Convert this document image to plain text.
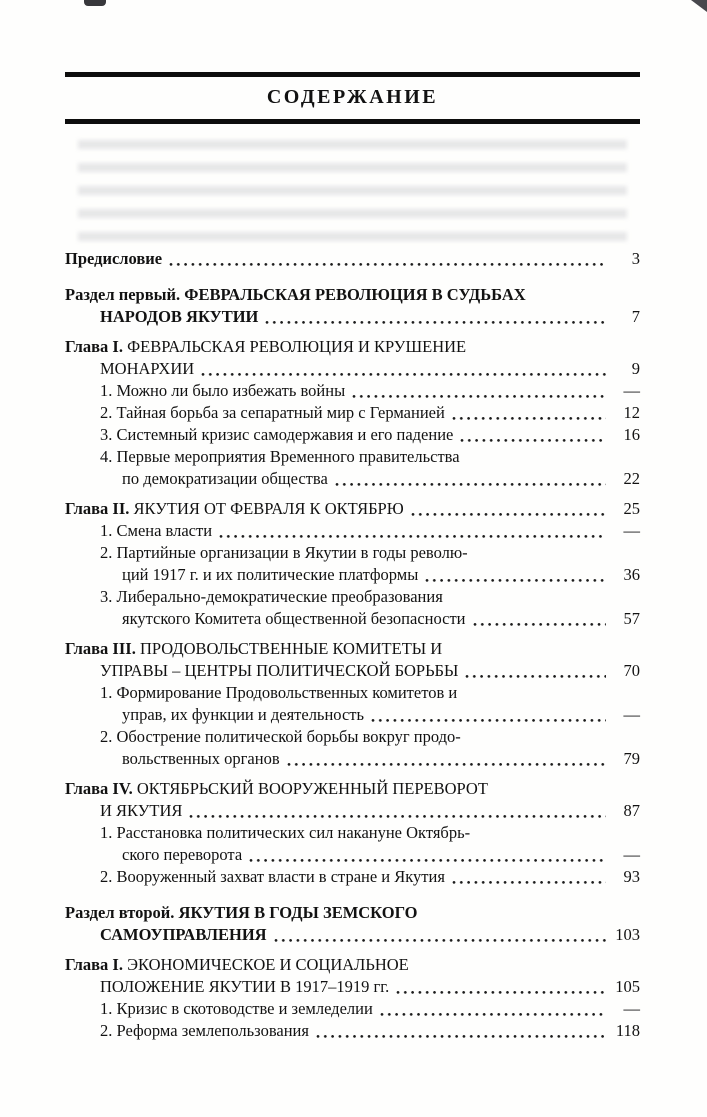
СОДЕРЖАНИЕ
Предисловие	3
Раздел первый. ФЕВРАЛЬСКАЯ РЕВОЛЮЦИЯ В СУДЬБАХ
НАРОДОВ ЯКУТИИ	7
Глава I. ФЕВРАЛЬСКАЯ РЕВОЛЮЦИЯ И КРУШЕНИЕ
МОНАРХИИ	9
1. Можно ли было избежать войны	—
2. Тайная борьба за сепаратный мир с Германией	12
3. Системный кризис самодержавия и его падение	16
4. Первые мероприятия Временного правительства
по демократизации общества	22
Глава II. ЯКУТИЯ ОТ ФЕВРАЛЯ К ОКТЯБРЮ	25
1. Смена власти	—
2. Партийные организации в Якутии в годы револю-
ций 1917 г. и их политические платформы	36
3. Либерально-демократические преобразования
якутского Комитета общественной безопасности	57
Глава III. ПРОДОВОЛЬСТВЕННЫЕ КОМИТЕТЫ И
УПРАВЫ – ЦЕНТРЫ ПОЛИТИЧЕСКОЙ БОРЬБЫ	70
1. Формирование Продовольственных комитетов и
управ, их функции и деятельность	—
2. Обострение политической борьбы вокруг продо-
вольственных органов	79
Глава IV. ОКТЯБРЬСКИЙ ВООРУЖЕННЫЙ ПЕРЕВОРОТ
И ЯКУТИЯ	87
1. Расстановка политических сил накануне Октябрь-
ского переворота	—
2. Вооруженный захват власти в стране и Якутия	93
Раздел второй. ЯКУТИЯ В ГОДЫ ЗЕМСКОГО
САМОУПРАВЛЕНИЯ	103
Глава I. ЭКОНОМИЧЕСКОЕ И СОЦИАЛЬНОЕ
ПОЛОЖЕНИЕ ЯКУТИИ В 1917–1919 гг.	105
1. Кризис в скотоводстве и земледелии	—
2. Реформа землепользования	118
